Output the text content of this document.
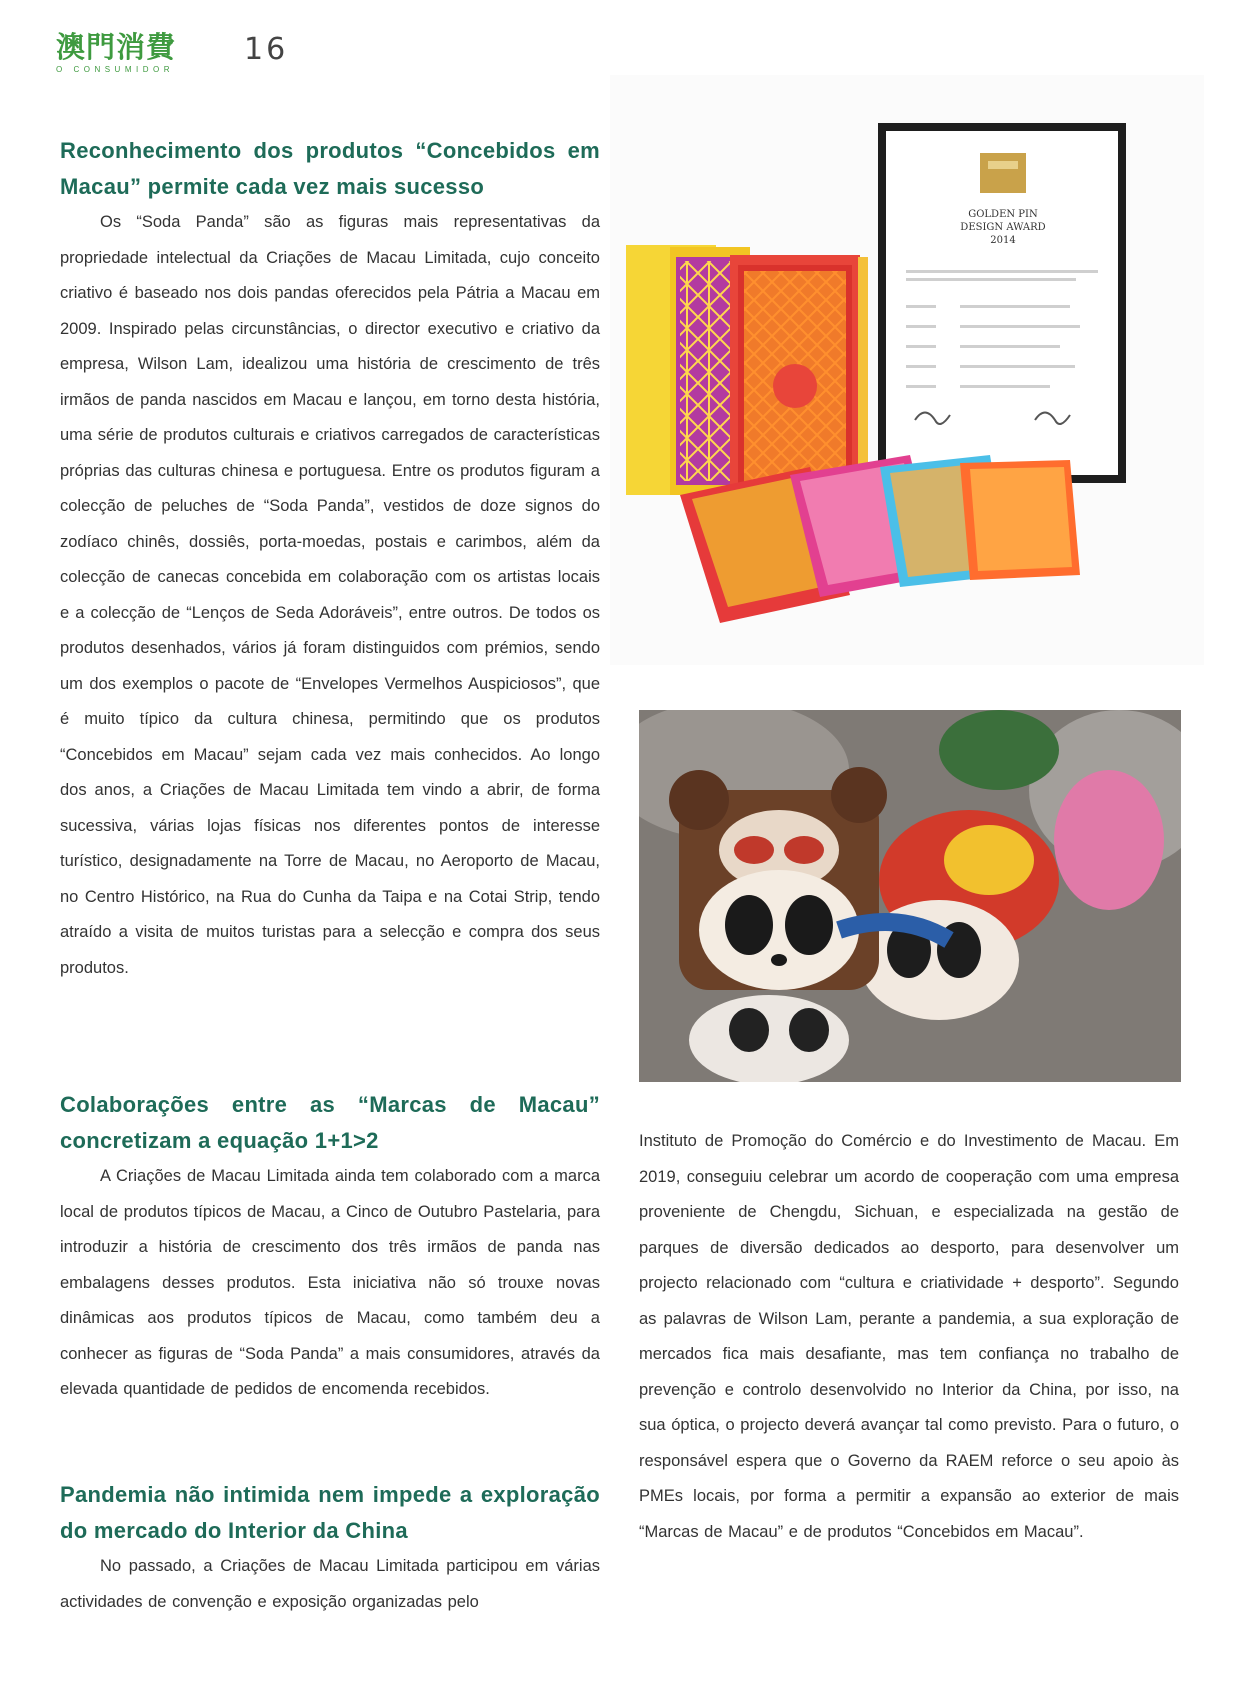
澳門消費
O CONSUMIDOR
16
Reconhecimento dos produtos “Concebidos em Macau” permite cada vez mais sucesso

Os “Soda Panda” são as figuras mais representativas da propriedade intelectual da Criações de Macau Limitada, cujo conceito criativo é baseado nos dois pandas oferecidos pela Pátria a Macau em 2009. Inspirado pelas circunstâncias, o director executivo e criativo da empresa, Wilson Lam, idealizou uma história de crescimento de três irmãos de panda nascidos em Macau e lançou, em torno desta história, uma série de produtos culturais e criativos carregados de características próprias das culturas chinesa e portuguesa. Entre os produtos figuram a colecção de peluches de “Soda Panda”, vestidos de doze signos do zodíaco chinês, dossiês, porta-moedas, postais e carimbos, além da colecção de canecas concebida em colaboração com os artistas locais e a colecção de “Lenços de Seda Adoráveis”, entre outros. De todos os produtos desenhados, vários já foram distinguidos com prémios, sendo um dos exemplos o pacote de “Envelopes Vermelhos Auspiciosos”, que é muito típico da cultura chinesa, permitindo que os produtos “Concebidos em Macau” sejam cada vez mais conhecidos. Ao longo dos anos, a Criações de Macau Limitada tem vindo a abrir, de forma sucessiva, várias lojas físicas nos diferentes pontos de interesse turístico, designadamente na Torre de Macau, no Aeroporto de Macau, no Centro Histórico, na Rua do Cunha da Taipa e na Cotai Strip, tendo atraído a visita de muitos turistas para a selecção e compra dos seus produtos.

Colaborações entre as “Marcas de Macau” concretizam a equação 1+1>2

A Criações de Macau Limitada ainda tem colaborado com a marca local de produtos típicos de Macau, a Cinco de Outubro Pastelaria, para introduzir a história de crescimento dos três irmãos de panda nas embalagens desses produtos. Esta iniciativa não só trouxe novas dinâmicas aos produtos típicos de Macau, como também deu a conhecer as figuras de “Soda Panda” a mais consumidores, através da elevada quantidade de pedidos de encomenda recebidos.

Pandemia não intimida nem impede a exploração do mercado do Interior da China

No passado, a Criações de Macau Limitada participou em várias actividades de convenção e exposição organizadas pelo

Instituto de Promoção do Comércio e do Investimento de Macau. Em 2019, conseguiu celebrar um acordo de cooperação com uma empresa proveniente de Chengdu, Sichuan, e especializada na gestão de parques de diversão dedicados ao desporto, para desenvolver um projecto relacionado com “cultura e criatividade + desporto”. Segundo as palavras de Wilson Lam, perante a pandemia, a sua exploração de mercados fica mais desafiante, mas tem confiança no trabalho de prevenção e controlo desenvolvido no Interior da China, por isso, na sua óptica, o projecto deverá avançar tal como previsto. Para o futuro, o responsável espera que o Governo da RAEM reforce o seu apoio às PMEs locais, por forma a permitir a expansão ao exterior de mais “Marcas de Macau” e de produtos “Concebidos em Macau”.

GOLDEN PIN
DESIGN AWARD
2014
